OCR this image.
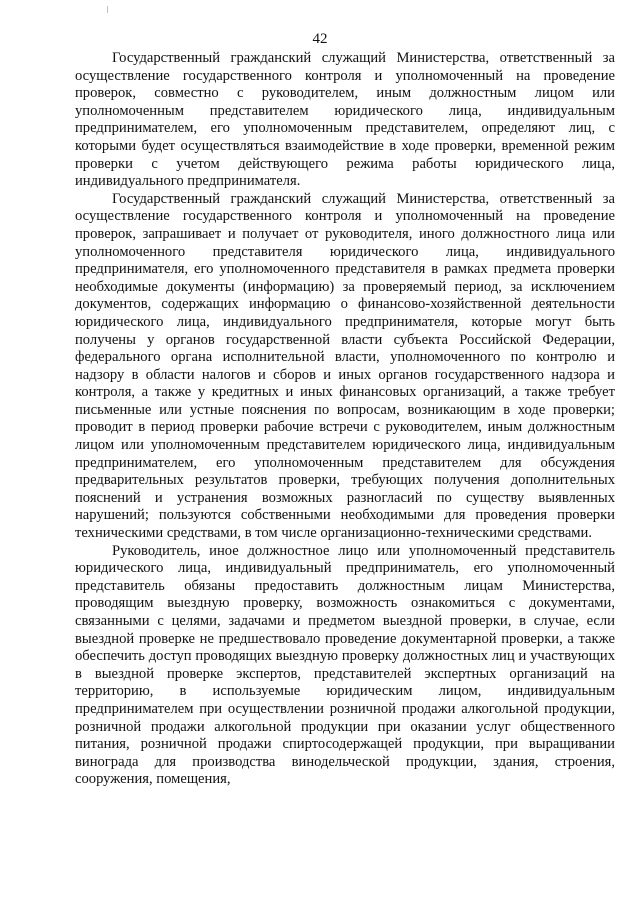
42

Государственный гражданский служащий Министерства, ответственный за осуществление государственного контроля и уполномоченный на проведение проверок, совместно с руководителем, иным должностным лицом или уполномоченным представителем юридического лица, индивидуальным предпринимателем, его уполномоченным представителем, определяют лиц, с которыми будет осуществляться взаимодействие в ходе проверки, временной режим проверки с учетом действующего режима работы юридического лица, индивидуального предпринимателя.

Государственный гражданский служащий Министерства, ответственный за осуществление государственного контроля и уполномоченный на проведение проверок, запрашивает и получает от руководителя, иного должностного лица или уполномоченного представителя юридического лица, индивидуального предпринимателя, его уполномоченного представителя в рамках предмета проверки необходимые документы (информацию) за проверяемый период, за исключением документов, содержащих информацию о финансово-хозяйственной деятельности юридического лица, индивидуального предпринимателя, которые могут быть получены у органов государственной власти субъекта Российской Федерации, федерального органа исполнительной власти, уполномоченного по контролю и надзору в области налогов и сборов и иных органов государственного надзора и контроля, а также у кредитных и иных финансовых организаций, а также требует письменные или устные пояснения по вопросам, возникающим в ходе проверки; проводит в период проверки рабочие встречи с руководителем, иным должностным лицом или уполномоченным представителем юридического лица, индивидуальным предпринимателем, его уполномоченным представителем для обсуждения предварительных результатов проверки, требующих получения дополнительных пояснений и устранения возможных разногласий по существу выявленных нарушений; пользуются собственными необходимыми для проведения проверки техническими средствами, в том числе организационно-техническими средствами.

Руководитель, иное должностное лицо или уполномоченный представитель юридического лица, индивидуальный предприниматель, его уполномоченный представитель обязаны предоставить должностным лицам Министерства, проводящим выездную проверку, возможность ознакомиться с документами, связанными с целями, задачами и предметом выездной проверки, в случае, если выездной проверке не предшествовало проведение документарной проверки, а также обеспечить доступ проводящих выездную проверку должностных лиц и участвующих в выездной проверке экспертов, представителей экспертных организаций на территорию, в используемые юридическим лицом, индивидуальным предпринимателем при осуществлении розничной продажи алкогольной продукции, розничной продажи алкогольной продукции при оказании услуг общественного питания, розничной продажи спиртосодержащей продукции, при выращивании винограда для производства винодельческой продукции, здания, строения, сооружения, помещения,
